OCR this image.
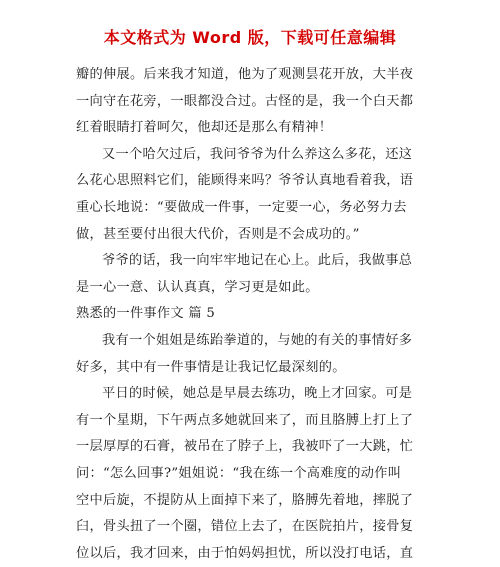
本文格式为 Word 版，下载可任意编辑
瓣的伸展。后来我才知道，他为了观测昙花开放，大半夜
一向守在花旁，一眼都没合过。古怪的是，我一个白天都
红着眼睛打着呵欠，他却还是那么有精神！
又一个哈欠过后，我问爷爷为什么养这么多花，还这
么花心思照料它们，能顾得来吗？爷爷认真地看着我，语
重心长地说：“要做成一件事，一定要一心，务必努力去
做，甚至要付出很大代价，否则是不会成功的。”
爷爷的话，我一向牢牢地记在心上。此后，我做事总
是一心一意、认认真真，学习更是如此。
熟悉的一件事作文 篇 5
我有一个姐姐是练跆拳道的，与她的有关的事情好多
好多，其中有一件事情是让我记忆最深刻的。
平日的时候，她总是早晨去练功，晚上才回家。可是
有一个星期，下午两点多她就回来了，而且胳膊上打上了
一层厚厚的石膏，被吊在了脖子上，我被吓了一大跳，忙
问：“怎么回事?”姐姐说：“我在练一个高难度的动作叫
空中后旋，不提防从上面掉下来了，胳膊先着地，摔脱了
臼，骨头扭了一个圈，错位上去了，在医院拍片，接骨复
位以后，我才回来，由于怕妈妈担忧，所以没打电话，直
